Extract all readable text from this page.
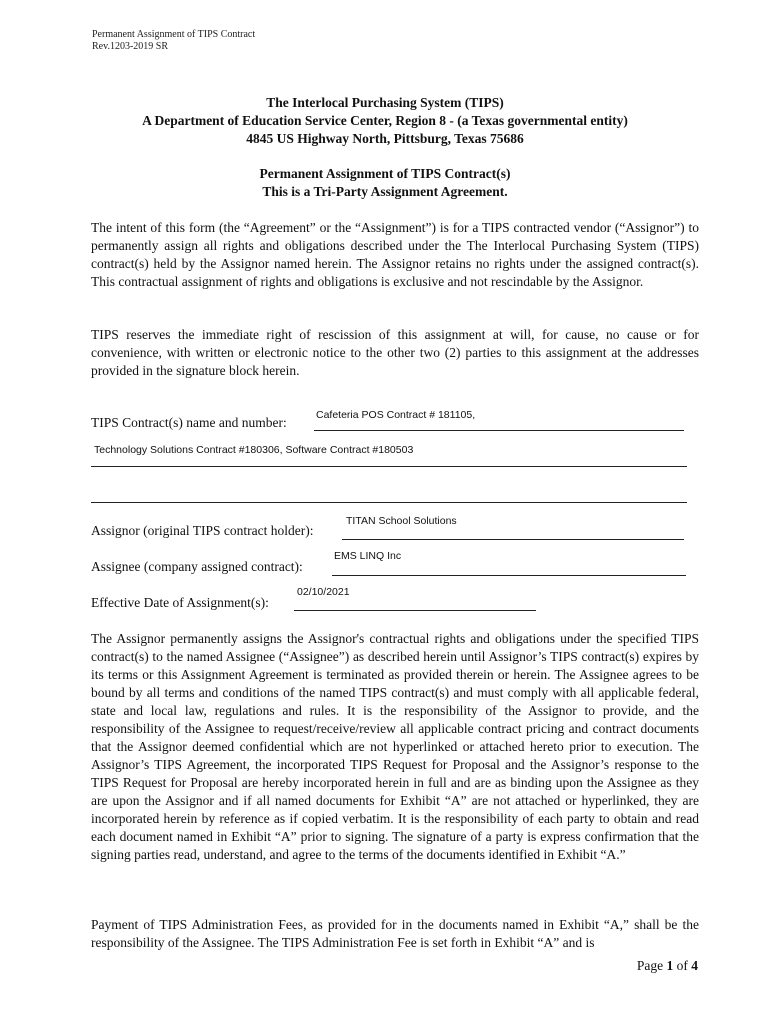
Permanent Assignment of TIPS Contract
Rev.1203-2019 SR
The Interlocal Purchasing System (TIPS)
A Department of Education Service Center, Region 8 - (a Texas governmental entity)
4845 US Highway North, Pittsburg, Texas 75686
Permanent Assignment of TIPS Contract(s)
This is a Tri-Party Assignment Agreement.
The intent of this form (the “Agreement” or the “Assignment”) is for a TIPS contracted vendor (“Assignor”) to permanently assign all rights and obligations described under the The Interlocal Purchasing System (TIPS) contract(s) held by the Assignor named herein. The Assignor retains no rights under the assigned contract(s). This contractual assignment of rights and obligations is exclusive and not rescindable by the Assignor.
TIPS reserves the immediate right of rescission of this assignment at will, for cause, no cause or for convenience, with written or electronic notice to the other two (2) parties to this assignment at the addresses provided in the signature block herein.
TIPS Contract(s) name and number:	Cafeteria POS Contract # 181105,
Technology Solutions Contract #180306, Software Contract #180503
Assignor (original TIPS contract holder):
TITAN School Solutions
Assignee (company assigned contract):
EMS LINQ Inc
Effective Date of Assignment(s):
02/10/2021
The Assignor permanently assigns the Assignor's contractual rights and obligations under the specified TIPS contract(s) to the named Assignee (“Assignee”) as described herein until Assignor’s TIPS contract(s) expires by its terms or this Assignment Agreement is terminated as provided therein or herein. The Assignee agrees to be bound by all terms and conditions of the named TIPS contract(s) and must comply with all applicable federal, state and local law, regulations and rules. It is the responsibility of the Assignor to provide, and the responsibility of the Assignee to request/receive/review all applicable contract pricing and contract documents that the Assignor deemed confidential which are not hyperlinked or attached hereto prior to execution. The Assignor’s TIPS Agreement, the incorporated TIPS Request for Proposal and the Assignor’s response to the TIPS Request for Proposal are hereby incorporated herein in full and are as binding upon the Assignee as they are upon the Assignor and if all named documents for Exhibit “A” are not attached or hyperlinked, they are incorporated herein by reference as if copied verbatim. It is the responsibility of each party to obtain and read each document named in Exhibit “A” prior to signing. The signature of a party is express confirmation that the signing parties read, understand, and agree to the terms of the documents identified in Exhibit “A.”
Payment of TIPS Administration Fees, as provided for in the documents named in Exhibit “A,” shall be the responsibility of the Assignee. The TIPS Administration Fee is set forth in Exhibit “A” and is
Page 1 of 4
